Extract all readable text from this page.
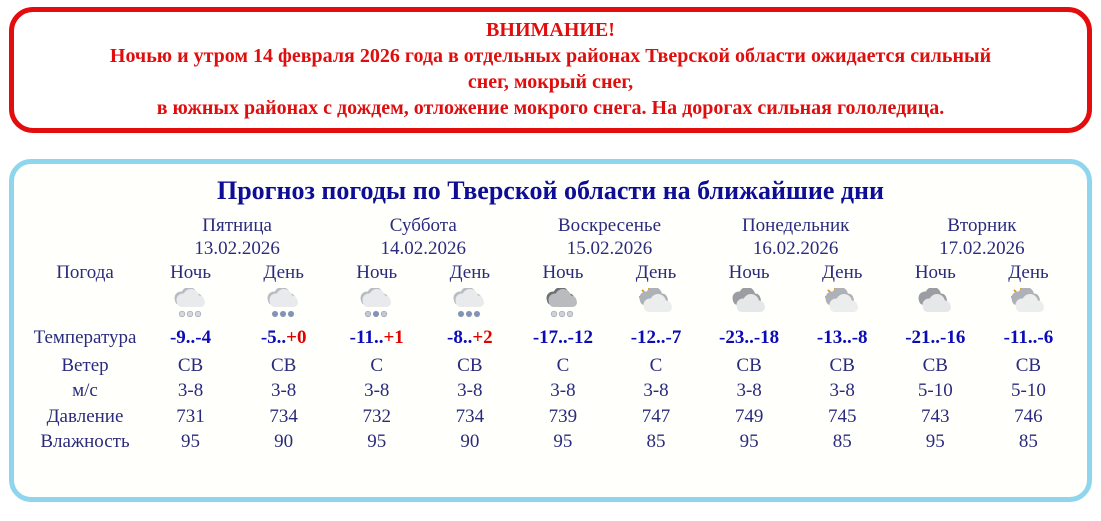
ВНИМАНИЕ!
Ночью и утром 14 февраля 2026 года в отдельных районах Тверской области ожидается сильный
снег, мокрый снег,
в южных районах с дождем, отложение мокрого снега. На дорогах сильная гололедица.
Прогноз погоды по Тверской области на ближайшие дни

Пятница
13.02.2026

Суббота
14.02.2026

Воскресенье
15.02.2026

Понедельник
16.02.2026

Вторник
17.02.2026

Погода	Ночь	День	Ночь	День	Ночь	День	Ночь	День	Ночь	День

Температура	-9..-4	-5..+0	-11..+1	-8..+2	-17..-12	-12..-7	-23..-18	-13..-8	-21..-16	-11..-6
Ветер	СВ	СВ	С	СВ	С	С	СВ	СВ	СВ	СВ
м/с	3-8	3-8	3-8	3-8	3-8	3-8	3-8	3-8	5-10	5-10
Давление	731	734	732	734	739	747	749	745	743	746
Влажность	95	90	95	90	95	85	95	85	95	85
